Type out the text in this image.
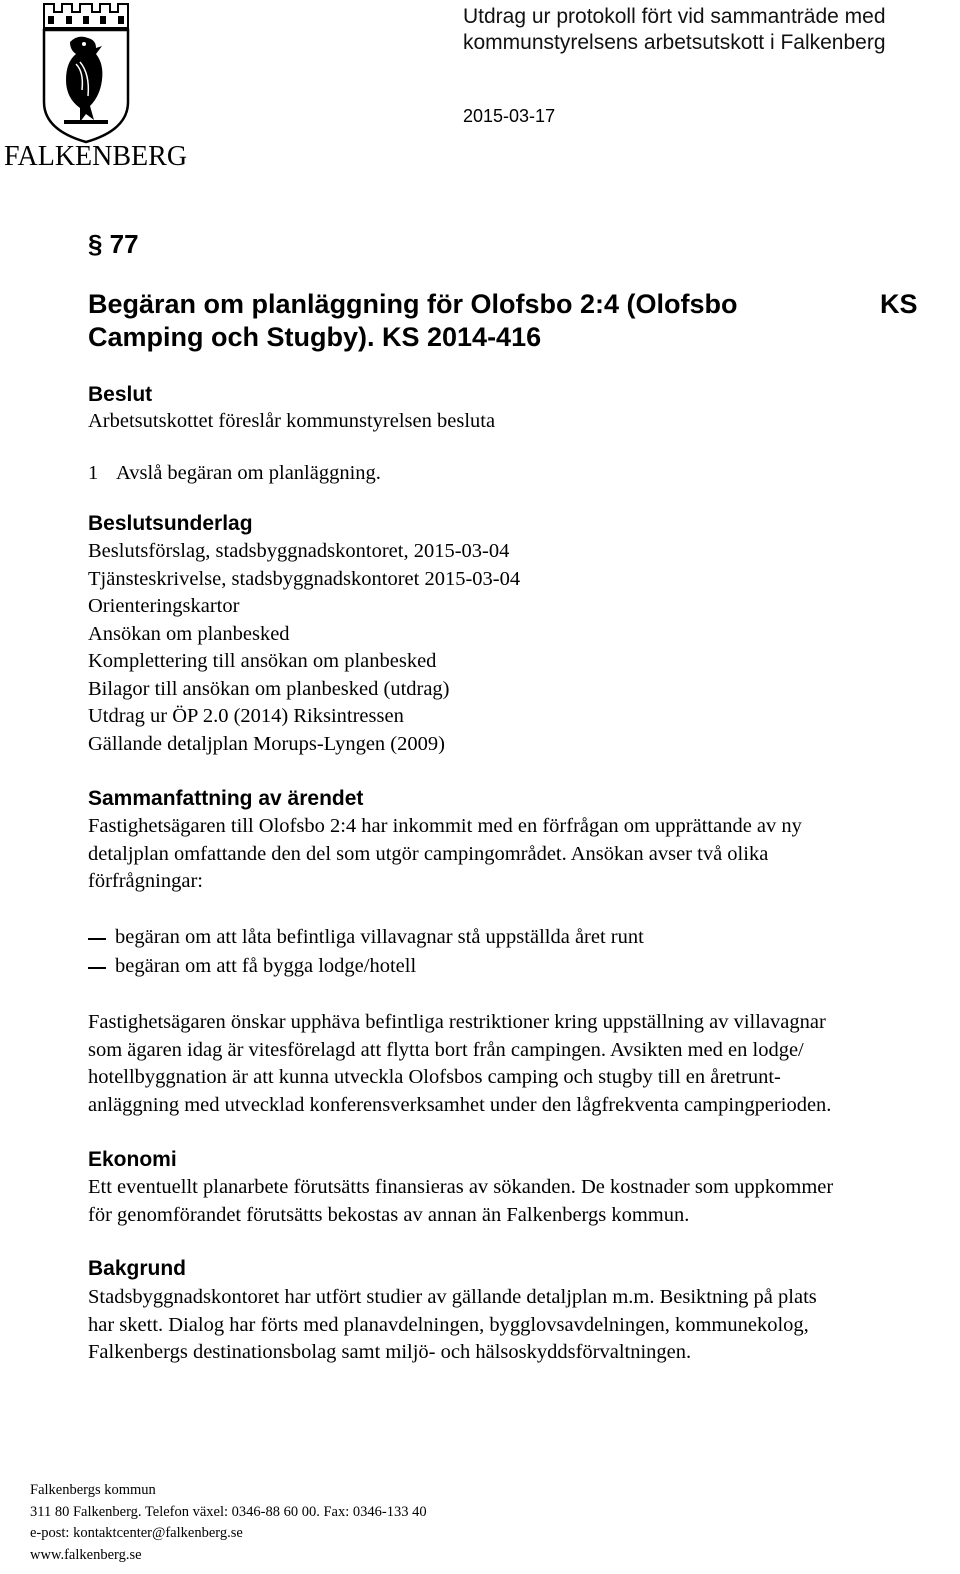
FALKENBERG
Utdrag ur protokoll fört vid sammanträde med
kommunstyrelsens arbetsutskott i Falkenberg
2015-03-17
§ 77
Begäran om planläggning för Olofsbo 2:4 (Olofsbo
Camping och Stugby). KS 2014-416
KS
Beslut
Arbetsutskottet föreslår kommunstyrelsen besluta
1 Avslå begäran om planläggning.
Beslutsunderlag
Beslutsförslag, stadsbyggnadskontoret, 2015-03-04
Tjänsteskrivelse, stadsbyggnadskontoret 2015-03-04
Orienteringskartor
Ansökan om planbesked
Komplettering till ansökan om planbesked
Bilagor till ansökan om planbesked (utdrag)
Utdrag ur ÖP 2.0 (2014) Riksintressen
Gällande detaljplan Morups-Lyngen (2009)
Sammanfattning av ärendet
Fastighetsägaren till Olofsbo 2:4 har inkommit med en förfrågan om upprättande av ny
detaljplan omfattande den del som utgör campingområdet. Ansökan avser två olika
förfrågningar:
begäran om att låta befintliga villavagnar stå uppställda året runt
begäran om att få bygga lodge/hotell
Fastighetsägaren önskar upphäva befintliga restriktioner kring uppställning av villavagnar
som ägaren idag är vitesförelagd att flytta bort från campingen. Avsikten med en lodge/
hotellbyggnation är att kunna utveckla Olofsbos camping och stugby till en åretrunt-
anläggning med utvecklad konferensverksamhet under den lågfrekventa campingperioden.
Ekonomi
Ett eventuellt planarbete förutsätts finansieras av sökanden. De kostnader som uppkommer
för genomförandet förutsätts bekostas av annan än Falkenbergs kommun.
Bakgrund
Stadsbyggnadskontoret har utfört studier av gällande detaljplan m.m. Besiktning på plats
har skett. Dialog har förts med planavdelningen, bygglovsavdelningen, kommunekolog,
Falkenbergs destinationsbolag samt miljö- och hälsoskyddsförvaltningen.
Falkenbergs kommun
311 80 Falkenberg. Telefon växel: 0346-88 60 00. Fax: 0346-133 40
e-post: kontaktcenter@falkenberg.se
www.falkenberg.se
